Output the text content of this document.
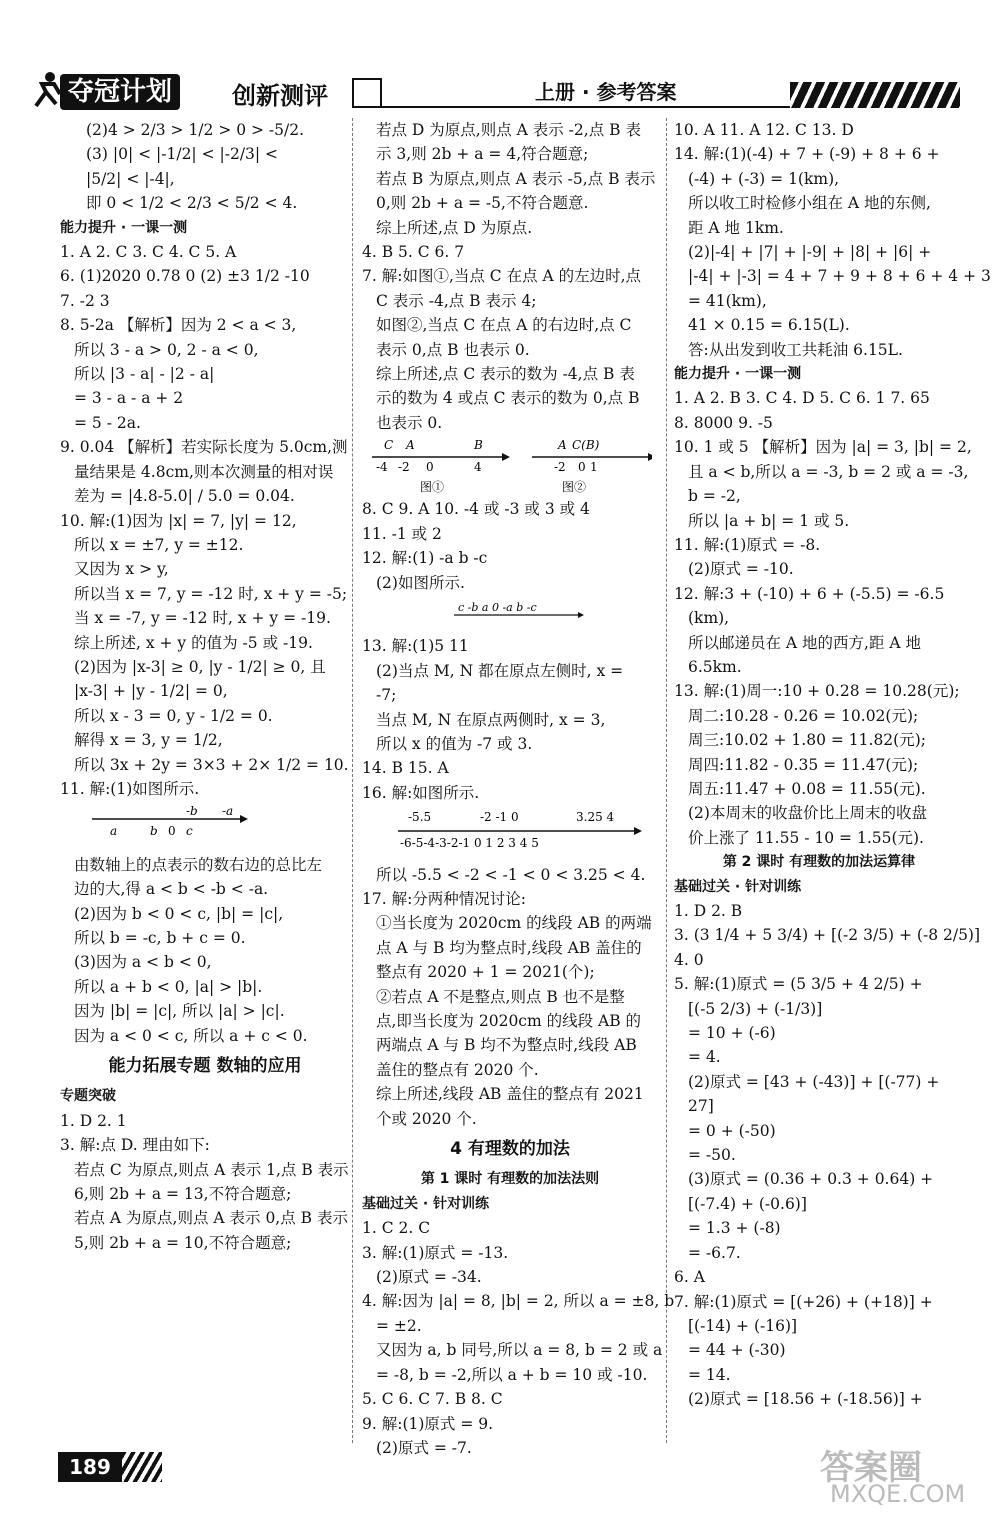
夺冠计划	创新测评	上册 · 参考答案
(2)4 > 2/3 > 1/2 > 0 > -5/2.
(3) |0| < |-1/2| < |-2/3| <
|5/2| < |-4|,
即 0 < 1/2 < 2/3 < 5/2 < 4.
能力提升 · 一课一测
1. A 2. C 3. C 4. C 5. A
6. (1)2020 0.78 0 (2) ±3 1/2 -10
7. -2 3
8. 5-2a 【解析】因为 2 < a < 3,
所以 3 - a > 0, 2 - a < 0,
所以 |3 - a| - |2 - a|
= 3 - a - a + 2
= 5 - 2a.
9. 0.04 【解析】若实际长度为 5.0cm,测
量结果是 4.8cm,则本次测量的相对误
差为 = |4.8-5.0| / 5.0 = 0.04.
10. 解:(1)因为 |x| = 7, |y| = 12,
所以 x = ±7, y = ±12.
又因为 x > y,
所以当 x = 7, y = -12 时, x + y = -5;
当 x = -7, y = -12 时, x + y = -19.
综上所述, x + y 的值为 -5 或 -19.
(2)因为 |x-3| ≥ 0, |y - 1/2| ≥ 0, 且
|x-3| + |y - 1/2| = 0,
所以 x - 3 = 0, y - 1/2 = 0.
解得 x = 3, y = 1/2,
所以 3x + 2y = 3×3 + 2× 1/2 = 10.
11. 解:(1)如图所示.
a	b 0 c
-b -a
由数轴上的点表示的数右边的总比左
边的大,得 a < b < -b < -a.
(2)因为 b < 0 < c, |b| = |c|,
所以 b = -c, b + c = 0.
(3)因为 a < b < 0,
所以 a + b < 0, |a| > |b|.
因为 |b| = |c|, 所以 |a| > |c|.
因为 a < 0 < c, 所以 a + c < 0.
能力拓展专题 数轴的应用
专题突破
1. D 2. 1
3. 解:点 D. 理由如下:
若点 C 为原点,则点 A 表示 1,点 B 表示
6,则 2b + a = 13,不符合题意;
若点 A 为原点,则点 A 表示 0,点 B 表示
5,则 2b + a = 10,不符合题意;
若点 D 为原点,则点 A 表示 -2,点 B 表
示 3,则 2b + a = 4,符合题意;
若点 B 为原点,则点 A 表示 -5,点 B 表示
0,则 2b + a = -5,不符合题意.
综上所述,点 D 为原点.
4. B 5. C 6. 7
7. 解:如图①,当点 C 在点 A 的左边时,点
C 表示 -4,点 B 表示 4;
如图②,当点 C 在点 A 的右边时,点 C
表示 0,点 B 也表示 0.
综上所述,点 C 表示的数为 -4,点 B 表
示的数为 4 或点 C 表示的数为 0,点 B
也表示 0.
C A	B
-4 -2 0	4
图①
A C(B)
-2 0 1
图②
8. C 9. A 10. -4 或 -3 或 3 或 4
11. -1 或 2
12. 解:(1) -a b -c
(2)如图所示.
c -b a 0 -a b -c
13. 解:(1)5 11
(2)当点 M, N 都在原点左侧时, x =
-7;
当点 M, N 在原点两侧时, x = 3,
所以 x 的值为 -7 或 3.
14. B 15. A
16. 解:如图所示.
-5.5	-2 -1 0	3.25 4
-6-5-4-3-2-1 0 1 2 3 4 5
所以 -5.5 < -2 < -1 < 0 < 3.25 < 4.
17. 解:分两种情况讨论:
①当长度为 2020cm 的线段 AB 的两端
点 A 与 B 均为整点时,线段 AB 盖住的
整点有 2020 + 1 = 2021(个);
②若点 A 不是整点,则点 B 也不是整
点,即当长度为 2020cm 的线段 AB 的
两端点 A 与 B 均不为整点时,线段 AB
盖住的整点有 2020 个.
综上所述,线段 AB 盖住的整点有 2021
个或 2020 个.
4 有理数的加法
第 1 课时 有理数的加法法则
基础过关 · 针对训练
1. C 2. C
3. 解:(1)原式 = -13.
(2)原式 = -34.
4. 解:因为 |a| = 8, |b| = 2, 所以 a = ±8, b
= ±2.
又因为 a, b 同号,所以 a = 8, b = 2 或 a
= -8, b = -2,所以 a + b = 10 或 -10.
5. C 6. C 7. B 8. C
9. 解:(1)原式 = 9.
(2)原式 = -7.
10. A 11. A 12. C 13. D
14. 解:(1)(-4) + 7 + (-9) + 8 + 6 +
(-4) + (-3) = 1(km),
所以收工时检修小组在 A 地的东侧,
距 A 地 1km.
(2)|-4| + |7| + |-9| + |8| + |6| +
|-4| + |-3| = 4 + 7 + 9 + 8 + 6 + 4 + 3
= 41(km),
41 × 0.15 = 6.15(L).
答:从出发到收工共耗油 6.15L.
能力提升 · 一课一测
1. A 2. B 3. C 4. D 5. C 6. 1 7. 65
8. 8000 9. -5
10. 1 或 5 【解析】因为 |a| = 3, |b| = 2,
且 a < b,所以 a = -3, b = 2 或 a = -3,
b = -2,
所以 |a + b| = 1 或 5.
11. 解:(1)原式 = -8.
(2)原式 = -10.
12. 解:3 + (-10) + 6 + (-5.5) = -6.5
(km),
所以邮递员在 A 地的西方,距 A 地
6.5km.
13. 解:(1)周一:10 + 0.28 = 10.28(元);
周二:10.28 - 0.26 = 10.02(元);
周三:10.02 + 1.80 = 11.82(元);
周四:11.82 - 0.35 = 11.47(元);
周五:11.47 + 0.08 = 11.55(元).
(2)本周末的收盘价比上周末的收盘
价上涨了 11.55 - 10 = 1.55(元).
第 2 课时 有理数的加法运算律
基础过关 · 针对训练
1. D 2. B
3. (3 1/4 + 5 3/4) + [(-2 3/5) + (-8 2/5)]
4. 0
5. 解:(1)原式 = (5 3/5 + 4 2/5) +
[(-5 2/3) + (-1/3)]
= 10 + (-6)
= 4.
(2)原式 = [43 + (-43)] + [(-77) +
27]
= 0 + (-50)
= -50.
(3)原式 = (0.36 + 0.3 + 0.64) +
[(-7.4) + (-0.6)]
= 1.3 + (-8)
= -6.7.
6. A
7. 解:(1)原式 = [(+26) + (+18)] +
[(-14) + (-16)]
= 44 + (-30)
= 14.
(2)原式 = [18.56 + (-18.56)] +
189	答案圈
MXQE.COM
